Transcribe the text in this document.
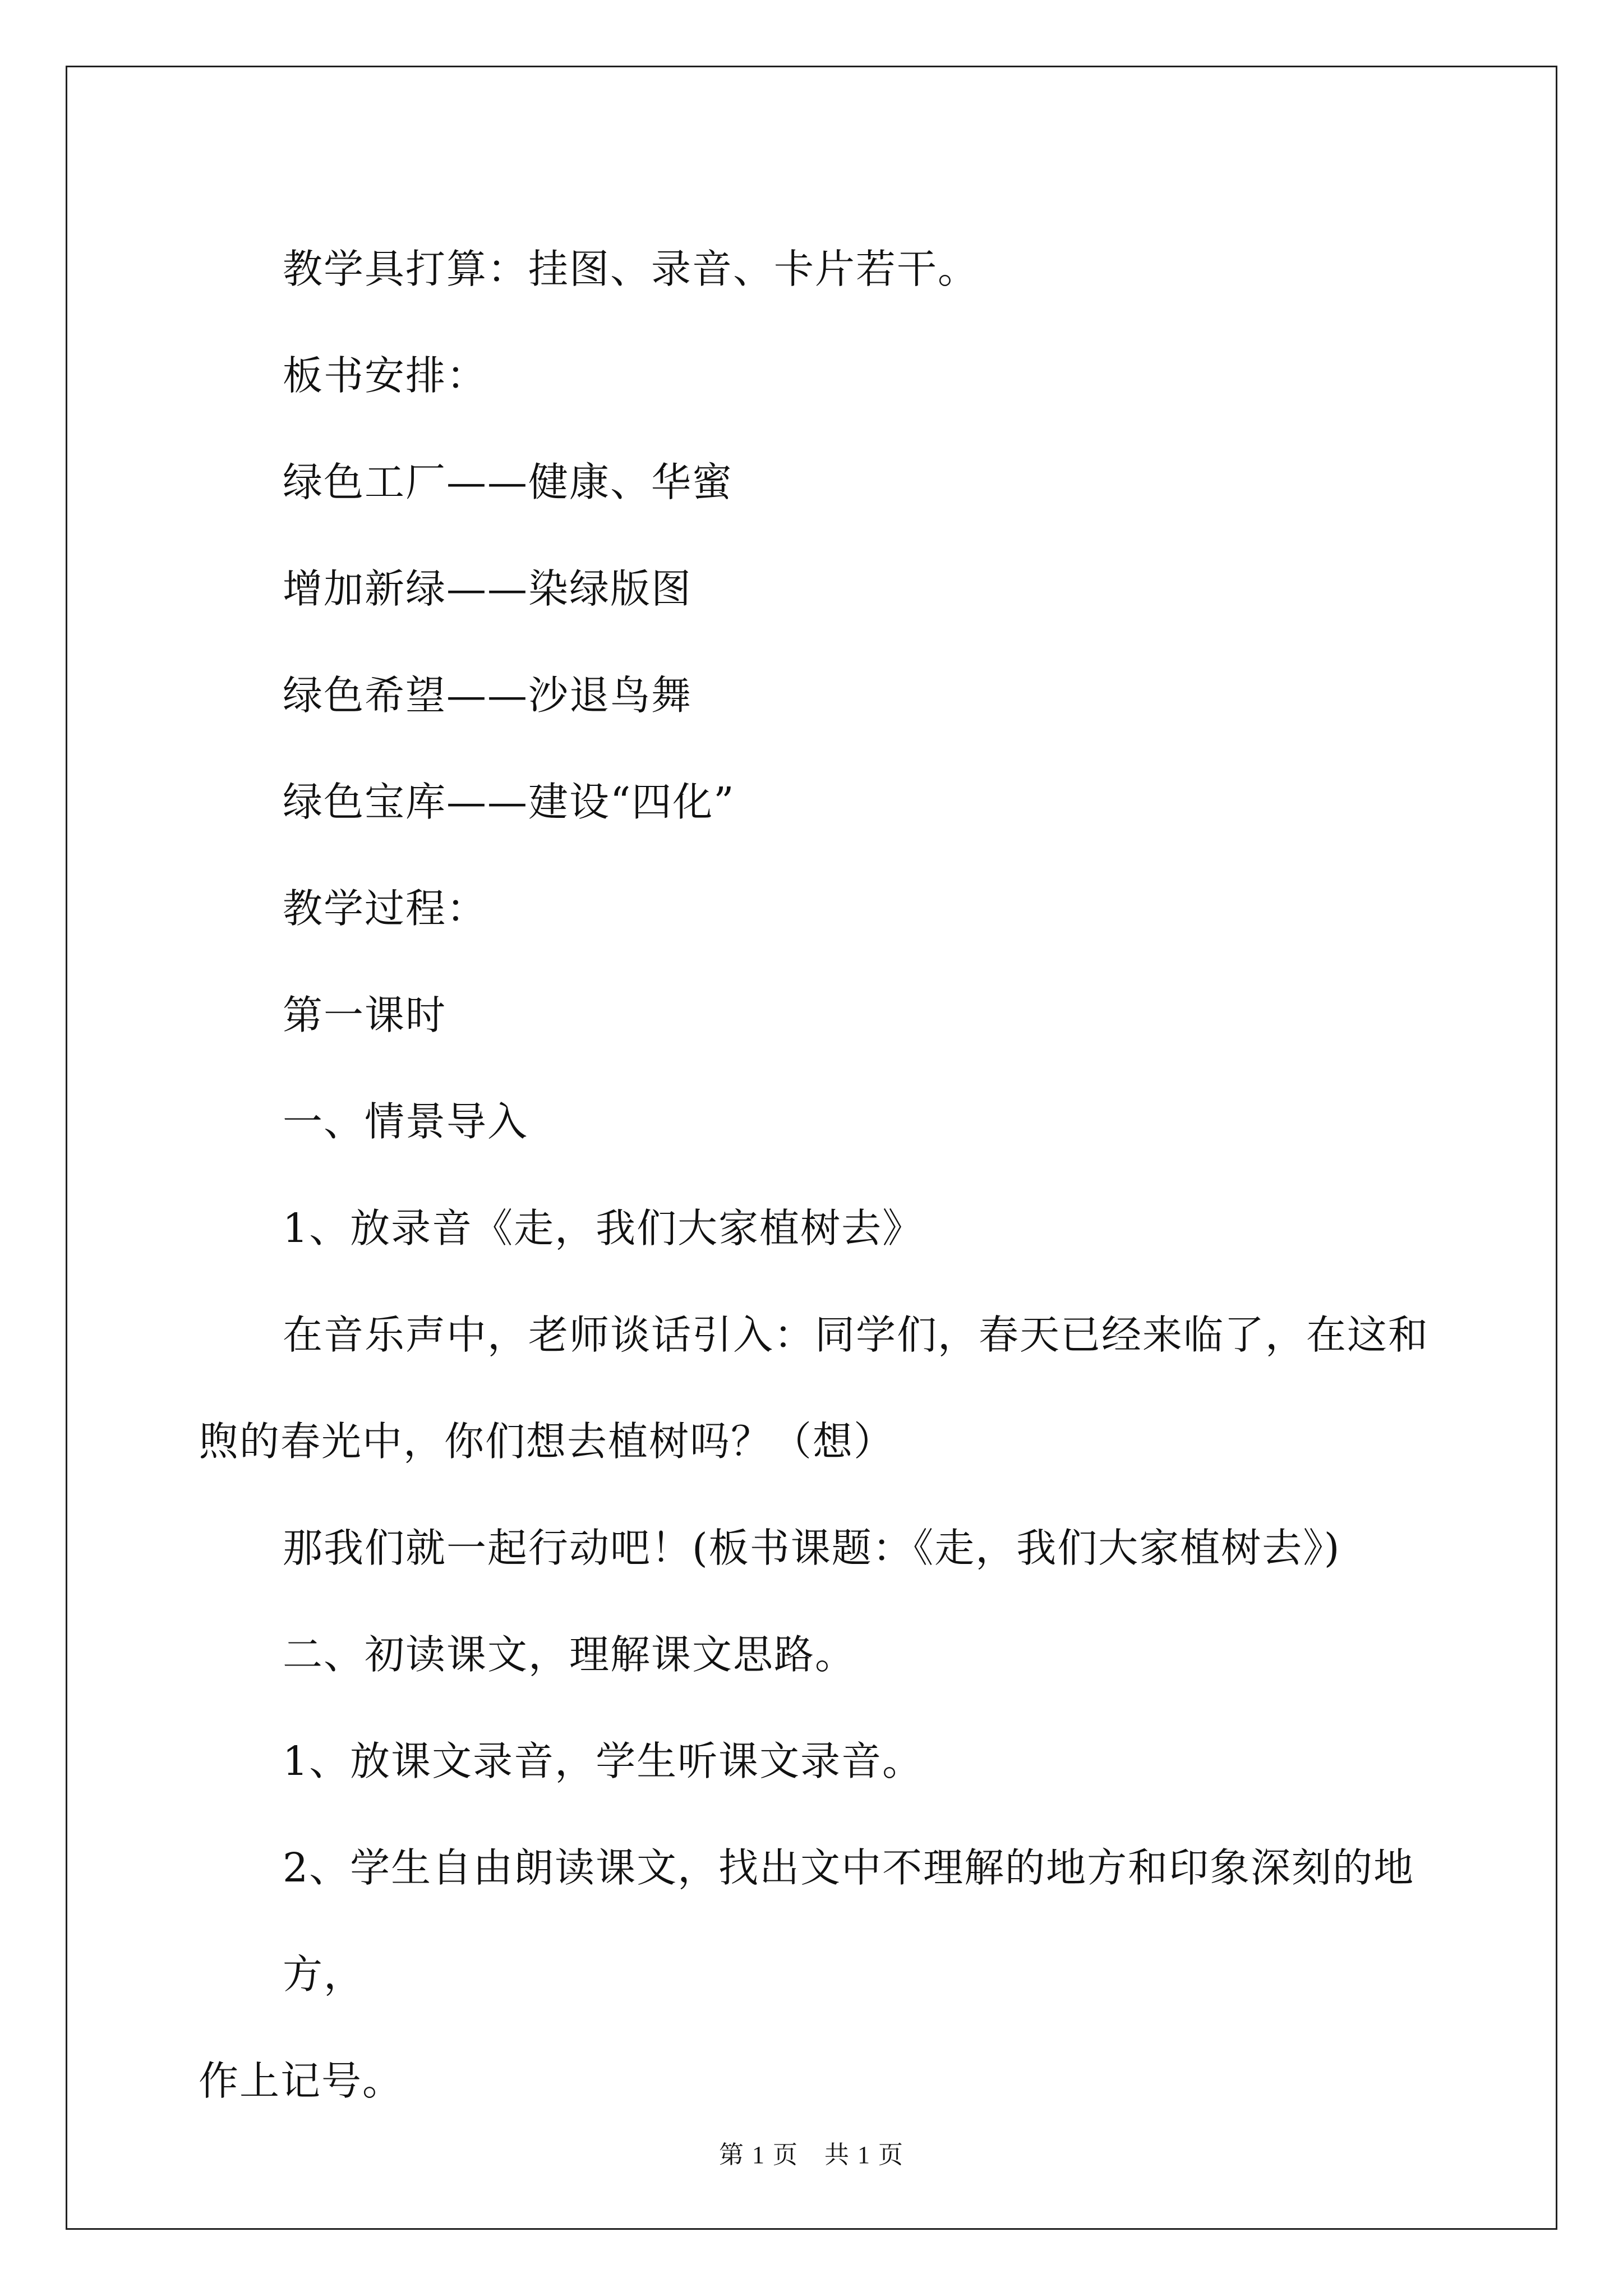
教学具打算：挂图、录音、卡片若干。

板书安排：

绿色工厂——健康、华蜜

增加新绿——染绿版图

绿色希望——沙退鸟舞

绿色宝库——建设“四化”

教学过程：

第一课时

一、情景导入

1、放录音《走，我们大家植树去》

在音乐声中，老师谈话引入：同学们，春天已经来临了，在这和
煦的春光中，你们想去植树吗？（想）

那我们就一起行动吧！(板书课题：《走，我们大家植树去》)

二、初读课文，理解课文思路。

1、放课文录音，学生听课文录音。

2、学生自由朗读课文，找出文中不理解的地方和印象深刻的地方，
作上记号。

第 1 页　共 1 页
